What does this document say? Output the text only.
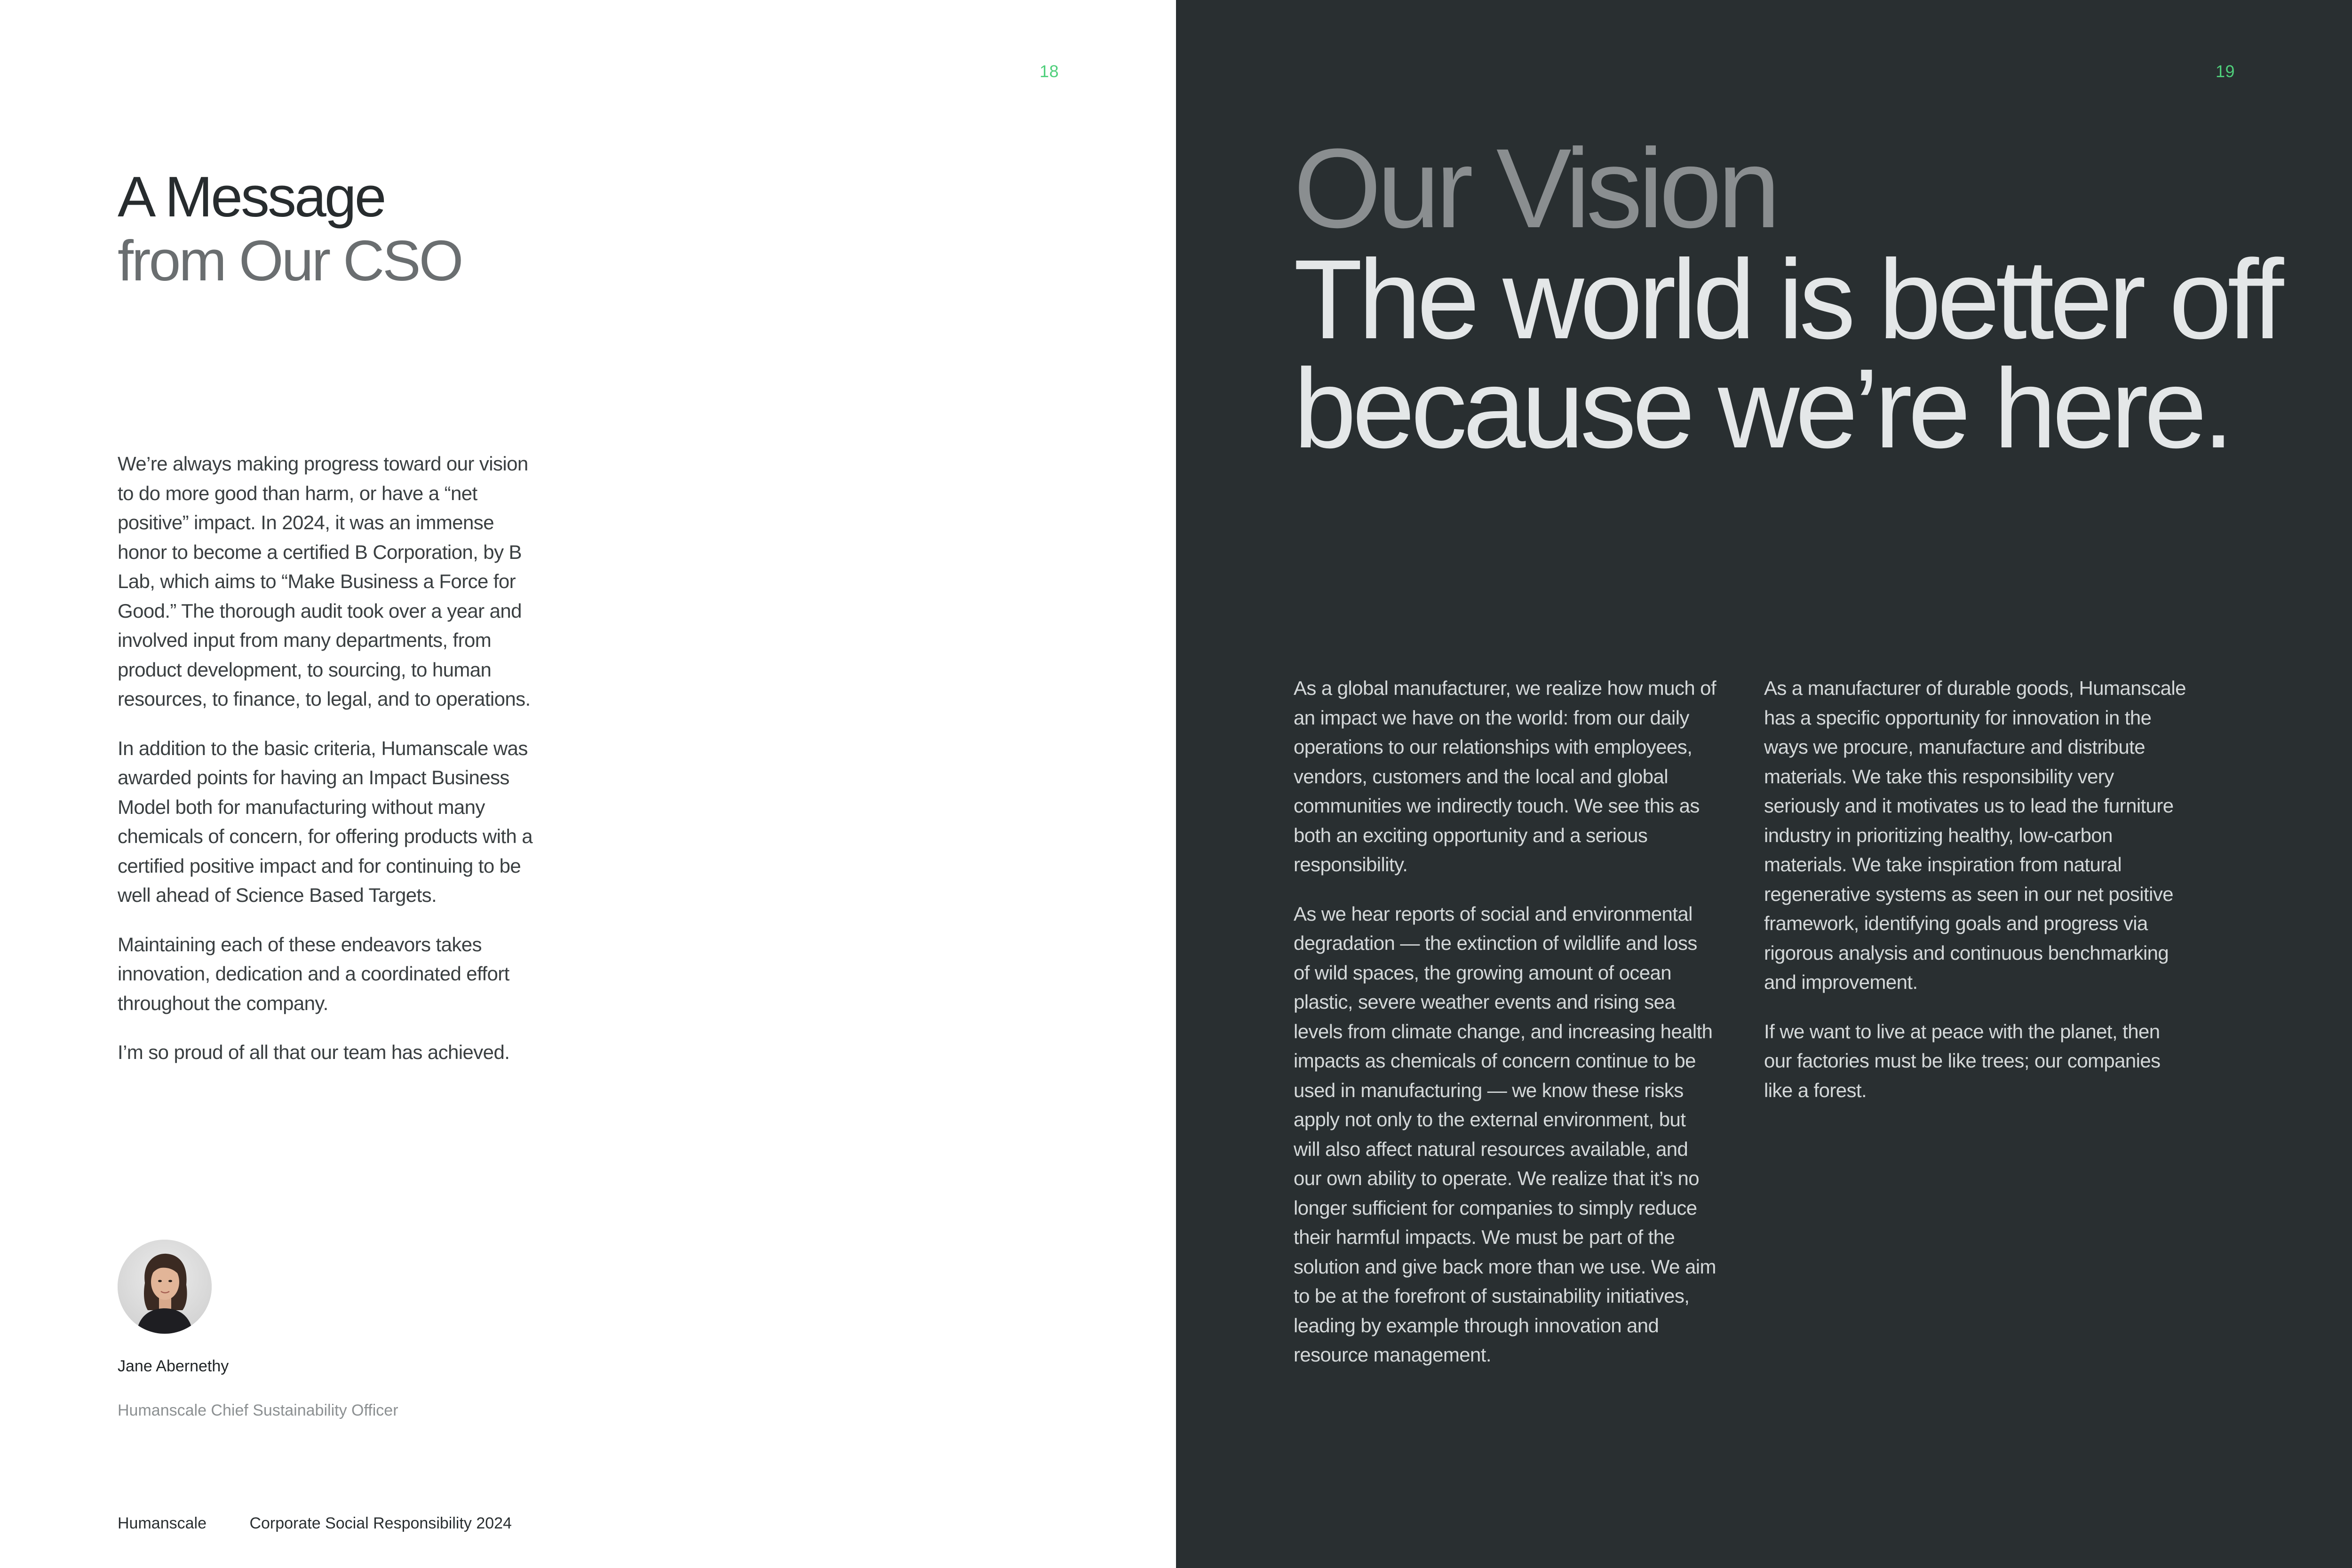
18
A Message
from Our CSO

We’re always making progress toward our vision to do more good than harm, or have a “net positive” impact. In 2024, it was an immense honor to become a certified B Corporation, by B Lab, which aims to “Make Business a Force for Good.” The thorough audit took over a year and involved input from many departments, from product development, to sourcing, to human resources, to finance, to legal, and to operations.

In addition to the basic criteria, Humanscale was awarded points for having an Impact Business Model both for manufacturing without many chemicals of concern, for offering products with a certified positive impact and for continuing to be well ahead of Science Based Targets.

Maintaining each of these endeavors takes innovation, dedication and a coordinated effort throughout the company.

I’m so proud of all that our team has achieved.

Jane Abernethy
Humanscale Chief Sustainability Officer
Humanscale	Corporate Social Responsibility 2024
19
Our Vision
The world is better off because we’re here.

As a global manufacturer, we realize how much of an impact we have on the world: from our daily operations to our relationships with employees, vendors, customers and the local and global communities we indirectly touch. We see this as both an exciting opportunity and a serious responsibility.

As we hear reports of social and environmental degradation — the extinction of wildlife and loss of wild spaces, the growing amount of ocean plastic, severe weather events and rising sea levels from climate change, and increasing health impacts as chemicals of concern continue to be used in manufacturing — we know these risks apply not only to the external environment, but will also affect natural resources available, and our own ability to operate. We realize that it’s no longer sufficient for companies to simply reduce their harmful impacts. We must be part of the solution and give back more than we use. We aim to be at the forefront of sustainability initiatives, leading by example through innovation and resource management.

As a manufacturer of durable goods, Humanscale has a specific opportunity for innovation in the ways we procure, manufacture and distribute materials. We take this responsibility very seriously and it motivates us to lead the furniture industry in prioritizing healthy, low-carbon materials. We take inspiration from natural regenerative systems as seen in our net positive framework, identifying goals and progress via rigorous analysis and continuous benchmarking and improvement.

If we want to live at peace with the planet, then our factories must be like trees; our companies like a forest.
